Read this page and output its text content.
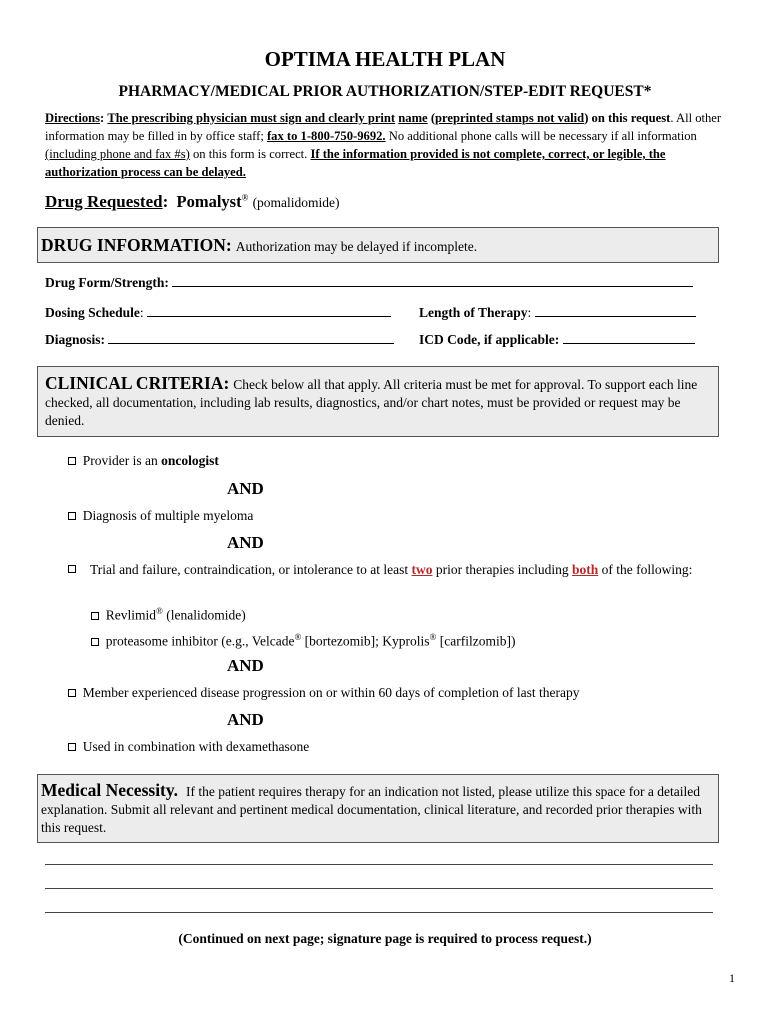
OPTIMA HEALTH PLAN
PHARMACY/MEDICAL PRIOR AUTHORIZATION/STEP-EDIT REQUEST*
Directions: The prescribing physician must sign and clearly print name (preprinted stamps not valid) on this request. All other information may be filled in by office staff; fax to 1-800-750-9692. No additional phone calls will be necessary if all information (including phone and fax #s) on this form is correct. If the information provided is not complete, correct, or legible, the authorization process can be delayed.
Drug Requested: Pomalyst® (pomalidomide)
DRUG INFORMATION: Authorization may be delayed if incomplete.
Drug Form/Strength:
Dosing Schedule:	Length of Therapy:
Diagnosis:	ICD Code, if applicable:
CLINICAL CRITERIA: Check below all that apply. All criteria must be met for approval. To support each line checked, all documentation, including lab results, diagnostics, and/or chart notes, must be provided or request may be denied.
Provider is an oncologist
AND
Diagnosis of multiple myeloma
AND
Trial and failure, contraindication, or intolerance to at least two prior therapies including both of the following:
Revlimid® (lenalidomide)
proteasome inhibitor (e.g., Velcade® [bortezomib]; Kyprolis® [carfilzomib])
AND
Member experienced disease progression on or within 60 days of completion of last therapy
AND
Used in combination with dexamethasone
Medical Necessity. If the patient requires therapy for an indication not listed, please utilize this space for a detailed explanation. Submit all relevant and pertinent medical documentation, clinical literature, and recorded prior therapies with this request.
(Continued on next page; signature page is required to process request.)
1
